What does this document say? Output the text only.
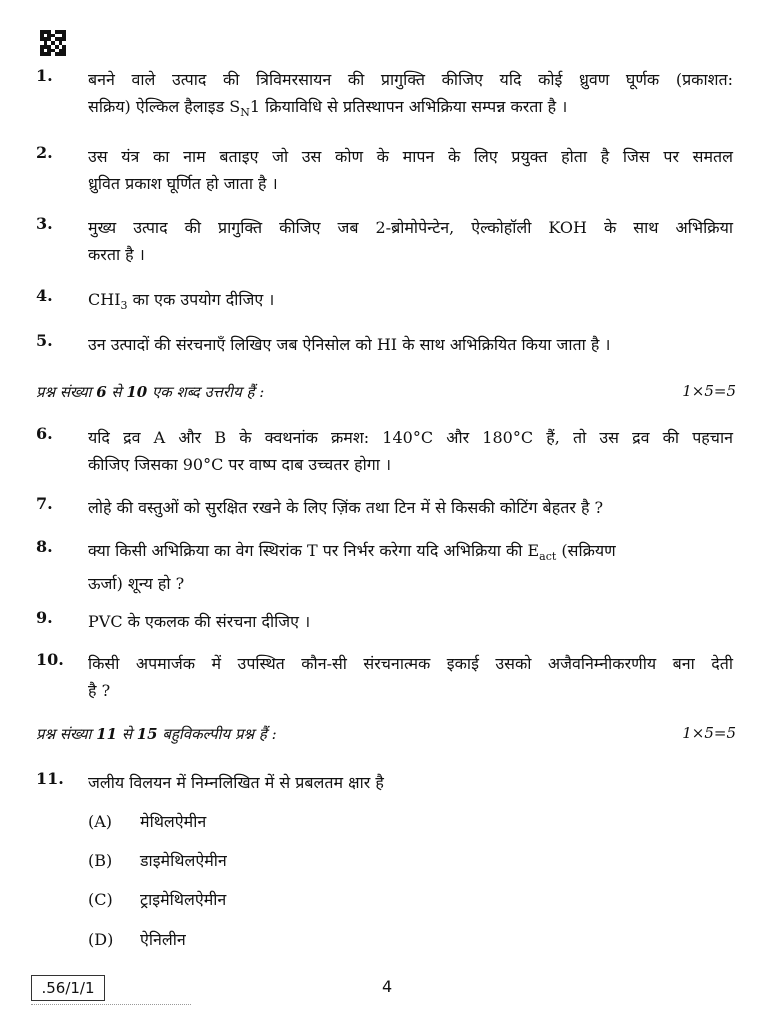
1. बनने वाले उत्पाद की त्रिविमरसायन की प्रागुक्ति कीजिए यदि कोई ध्रुवण घूर्णक (प्रकाशत:
सक्रिय) ऐल्किल हैलाइड $S_N1$ क्रियाविधि से प्रतिस्थापन अभिक्रिया सम्पन्न करता है ।
2. उस यंत्र का नाम बताइए जो उस कोण के मापन के लिए प्रयुक्त होता है जिस पर समतल
ध्रुवित प्रकाश घूर्णित हो जाता है ।
3. मुख्य उत्पाद की प्रागुक्ति कीजिए जब 2-ब्रोमोपेन्टेन, ऐल्कोहॉली KOH के साथ अभिक्रिया
करता है ।
4. $CHI_3$ का एक उपयोग दीजिए ।
5. उन उत्पादों की संरचनाएँ लिखिए जब ऐनिसोल को HI के साथ अभिक्रियित किया जाता है ।
प्रश्न संख्या 6 से 10 एक शब्द उत्तरीय हैं :	1×5=5
6. यदि द्रव A और B के क्वथनांक क्रमश: 140°C और 180°C हैं, तो उस द्रव की पहचान
कीजिए जिसका 90°C पर वाष्प दाब उच्चतर होगा ।
7. लोहे की वस्तुओं को सुरक्षित रखने के लिए ज़िंक तथा टिन में से किसकी कोटिंग बेहतर है ?
8. क्या किसी अभिक्रिया का वेग स्थिरांक T पर निर्भर करेगा यदि अभिक्रिया की $E_{act}$ (सक्रियण
ऊर्जा) शून्य हो ?
9. PVC के एकलक की संरचना दीजिए ।
10. किसी अपमार्जक में उपस्थित कौन-सी संरचनात्मक इकाई उसको अजैवनिम्नीकरणीय बना देती
है ?
प्रश्न संख्या 11 से 15 बहुविकल्पीय प्रश्न हैं :	1×5=5
11. जलीय विलयन में निम्नलिखित में से प्रबलतम क्षार है
(A) मेथिलऐमीन
(B) डाइमेथिलऐमीन
(C) ट्राइमेथिलऐमीन
(D) ऐनिलीन
.56/1/1	4
